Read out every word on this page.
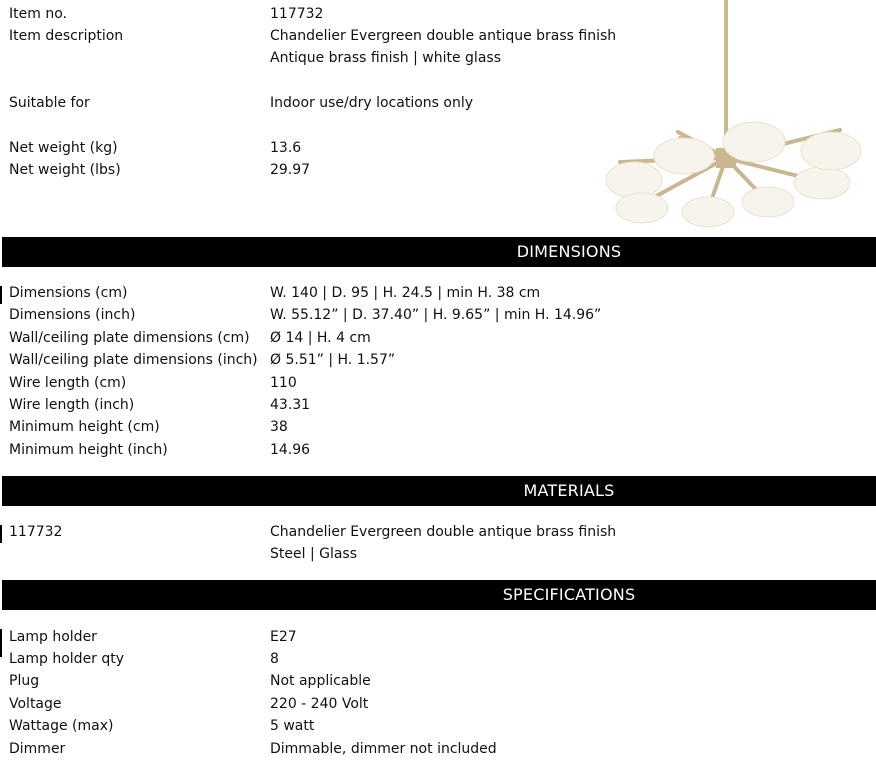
Item no.	117732
Item description	Chandelier Evergreen double antique brass finish
Antique brass finish | white glass
Suitable for	Indoor use/dry locations only
Net weight (kg)	13.6
Net weight (lbs)	29.97
DIMENSIONS
Dimensions (cm)	W. 140 | D. 95 | H. 24.5 | min H. 38 cm
Dimensions (inch)	W. 55.12” | D. 37.40” | H. 9.65” | min H. 14.96”
Wall/ceiling plate dimensions (cm) Ø 14 | H. 4 cm
Wall/ceiling plate dimensions (inch) Ø 5.51” | H. 1.57”
Wire length (cm)	110
Wire length (inch)	43.31
Minimum height (cm)	38
Minimum height (inch)	14.96
MATERIALS
117732	Chandelier Evergreen double antique brass finish
Steel | Glass
SPECIFICATIONS
Lamp holder	E27
Lamp holder qty	8
Plug	Not applicable
Voltage	220 - 240 Volt
Wattage (max)	5 watt
Dimmer	Dimmable, dimmer not included
